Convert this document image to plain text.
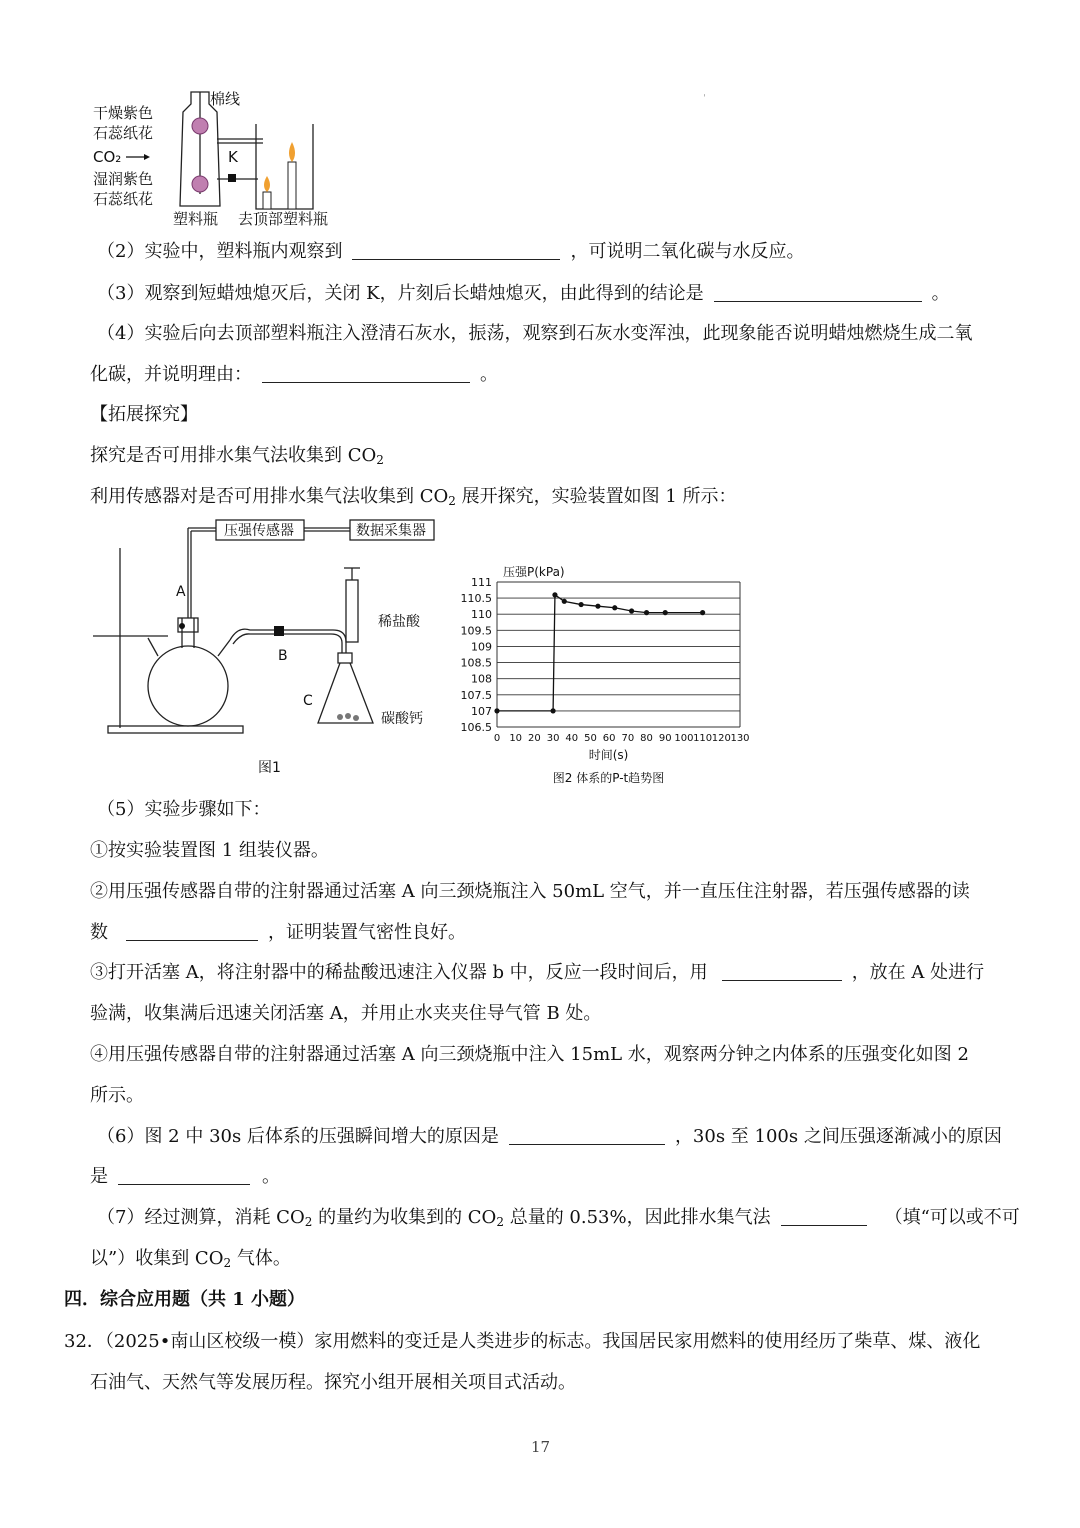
干燥紫色
石蕊纸花
CO₂
湿润紫色
石蕊纸花
棉线
K
塑料瓶 去顶部塑料瓶
ˈ
（2）实验中，塑料瓶内观察到	，可说明二氧化碳与水反应。
（3）观察到短蜡烛熄灭后，关闭 K，片刻后长蜡烛熄灭，由此得到的结论是	。
（4）实验后向去顶部塑料瓶注入澄清石灰水，振荡，观察到石灰水变浑浊，此现象能否说明蜡烛燃烧生成二氧
化碳，并说明理由：	。
【拓展探究】
探究是否可用排水集气法收集到 $CO_2$
利用传感器对是否可用排水集气法收集到 $CO_2$ 展开探究，实验装置如图 1 所示：
压强传感器	数据采集器
A
B
C
稀盐酸
碳酸钙
图1
111
110.5
110
109.5
109
108.5
108
107.5
107
106.5
0 10 20 30 40 50 60 70 80 90 100 110 120 130
压强P(kPa)
时间(s)
图2 体系的P-t趋势图
（5）实验步骤如下：
①按实验装置图 1 组装仪器。
②用压强传感器自带的注射器通过活塞 A 向三颈烧瓶注入 50mL 空气，并一直压住注射器，若压强传感器的读
数	，证明装置气密性良好。
③打开活塞 A，将注射器中的稀盐酸迅速注入仪器 b 中，反应一段时间后，用	，放在 A 处进行
验满，收集满后迅速关闭活塞 A，并用止水夹夹住导气管 B 处。
④用压强传感器自带的注射器通过活塞 A 向三颈烧瓶中注入 15mL 水，观察两分钟之内体系的压强变化如图 2
所示。
（6）图 2 中 30s 后体系的压强瞬间增大的原因是	，30s 至 100s 之间压强逐渐减小的原因
是	。
（7）经过测算，消耗 $CO_2$ 的量约为收集到的 $CO_2$ 总量的 0.53%，因此排水集气法	（填“可以或不可
以”）收集到 $CO_2$ 气体。
四．综合应用题（共 1 小题）
32．（2025•南山区校级一模）家用燃料的变迁是人类进步的标志。我国居民家用燃料的使用经历了柴草、煤、液化
石油气、天然气等发展历程。探究小组开展相关项目式活动。
17
